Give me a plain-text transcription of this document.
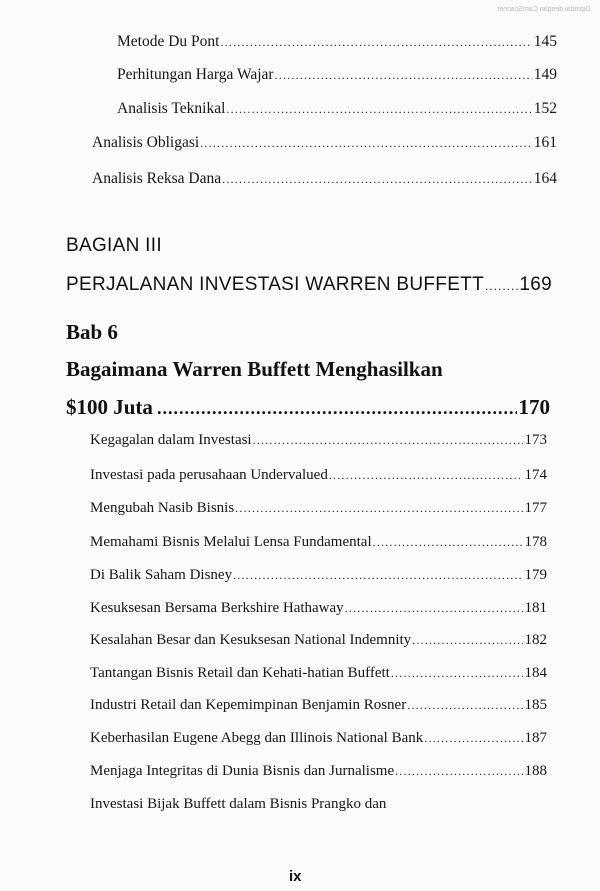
Dipindai dengan CamScanner
Metode Du Pont .....	145
Perhitungan Harga Wajar .....	149
Analisis Teknikal .....	152
Analisis Obligasi .....	161
Analisis Reksa Dana .....	164
BAGIAN III
PERJALANAN INVESTASI WARREN BUFFETT ..... 169
Bab 6
Bagaimana Warren Buffett Menghasilkan
$100 Juta .....	170
Kegagalan dalam Investasi .....	173
Investasi pada perusahaan Undervalued .....	174
Mengubah Nasib Bisnis .....	177
Memahami Bisnis Melalui Lensa Fundamental .....	178
Di Balik Saham Disney .....	179
Kesuksesan Bersama Berkshire Hathaway .....	181
Kesalahan Besar dan Kesuksesan National Indemnity .....	182
Tantangan Bisnis Retail dan Kehati-hatian Buffett .....	184
Industri Retail dan Kepemimpinan Benjamin Rosner .....	185
Keberhasilan Eugene Abegg dan Illinois National Bank .....	187
Menjaga Integritas di Dunia Bisnis dan Jurnalisme .....	188
Investasi Bijak Buffett dalam Bisnis Prangko dan
ix
